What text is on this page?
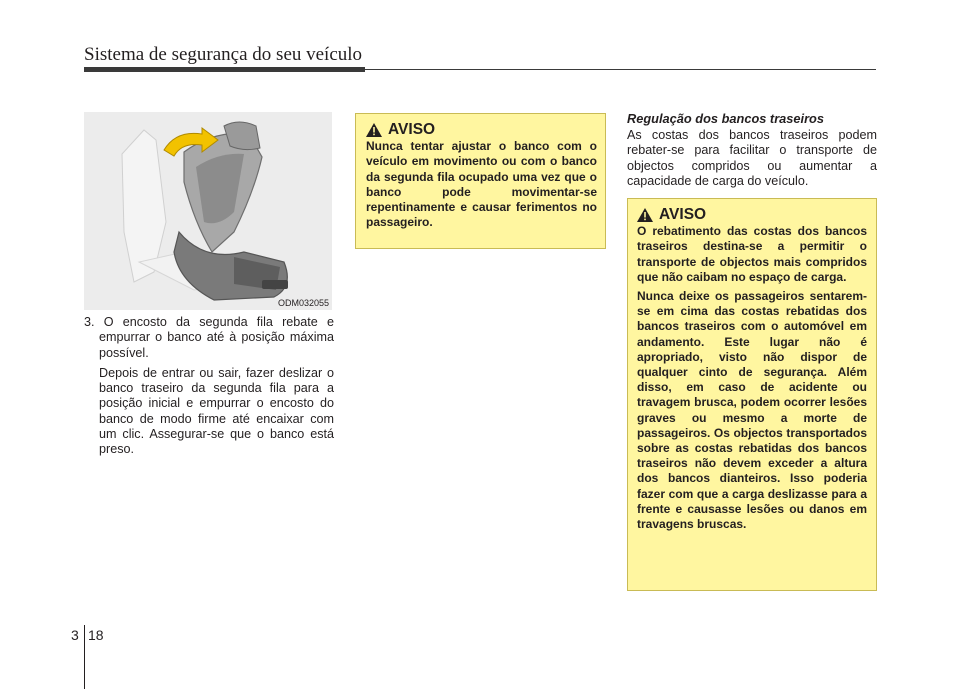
Sistema de segurança do seu veículo
ODM032055

3. O encosto da segunda fila rebate e empurrar o banco até à posição máxima possível.

Depois de entrar ou sair, fazer deslizar o banco traseiro da segunda fila para a posição inicial e empurrar o encosto do banco de modo firme até encaixar com um clic. Assegurar-se que o banco está preso.

AVISO

Nunca tentar ajustar o banco com o veículo em movimento ou com o banco da segunda fila ocupado uma vez que o banco pode movimentar-se repentinamente e causar ferimentos no passageiro.

Regulação dos bancos traseiros

As costas dos bancos traseiros podem rebater-se para facilitar o transporte de objectos compridos ou aumentar a capacidade de carga do veículo.

AVISO

O rebatimento das costas dos bancos traseiros destina-se a permitir o transporte de objectos mais compridos que não caibam no espaço de carga.

Nunca deixe os passageiros sentarem-se em cima das costas rebatidas dos bancos traseiros com o automóvel em andamento. Este lugar não é apropriado, visto não dispor de qualquer cinto de segurança. Além disso, em caso de acidente ou travagem brusca, podem ocorrer lesões graves ou mesmo a morte de passageiros. Os objectos transportados sobre as costas rebatidas dos bancos traseiros não devem exceder a altura dos bancos dianteiros. Isso poderia fazer com que a carga deslizasse para a frente e causasse lesões ou danos em travagens bruscas.

3 18
